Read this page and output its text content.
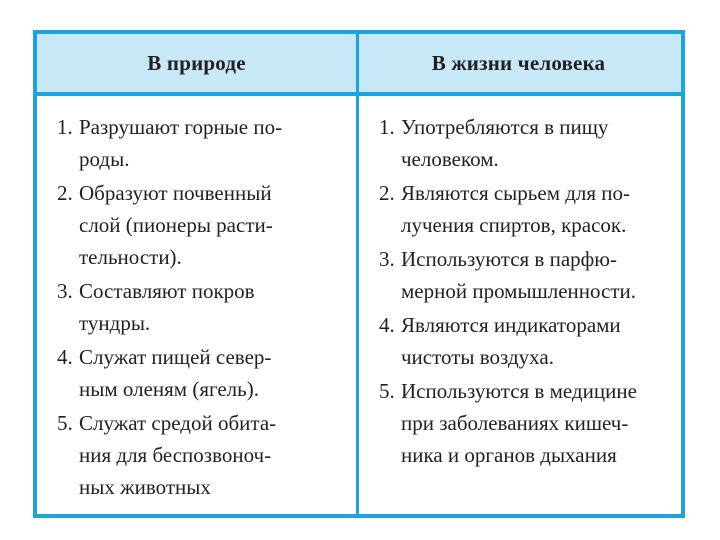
В природе	В жизни человека
1. Разрушают горные по-
роды.
2. Образуют почвенный
слой (пионеры расти-
тельности).
3. Составляют покров
тундры.
4. Служат пищей север-
ным оленям (ягель).
5. Служат средой обита-
ния для беспозвоноч-
ных животных
1. Употребляются в пищу
человеком.
2. Являются сырьем для по-
лучения спиртов, красок.
3. Используются в парфю-
мерной промышленности.
4. Являются индикаторами
чистоты воздуха.
5. Используются в медицине
при заболеваниях кишеч-
ника и органов дыхания
